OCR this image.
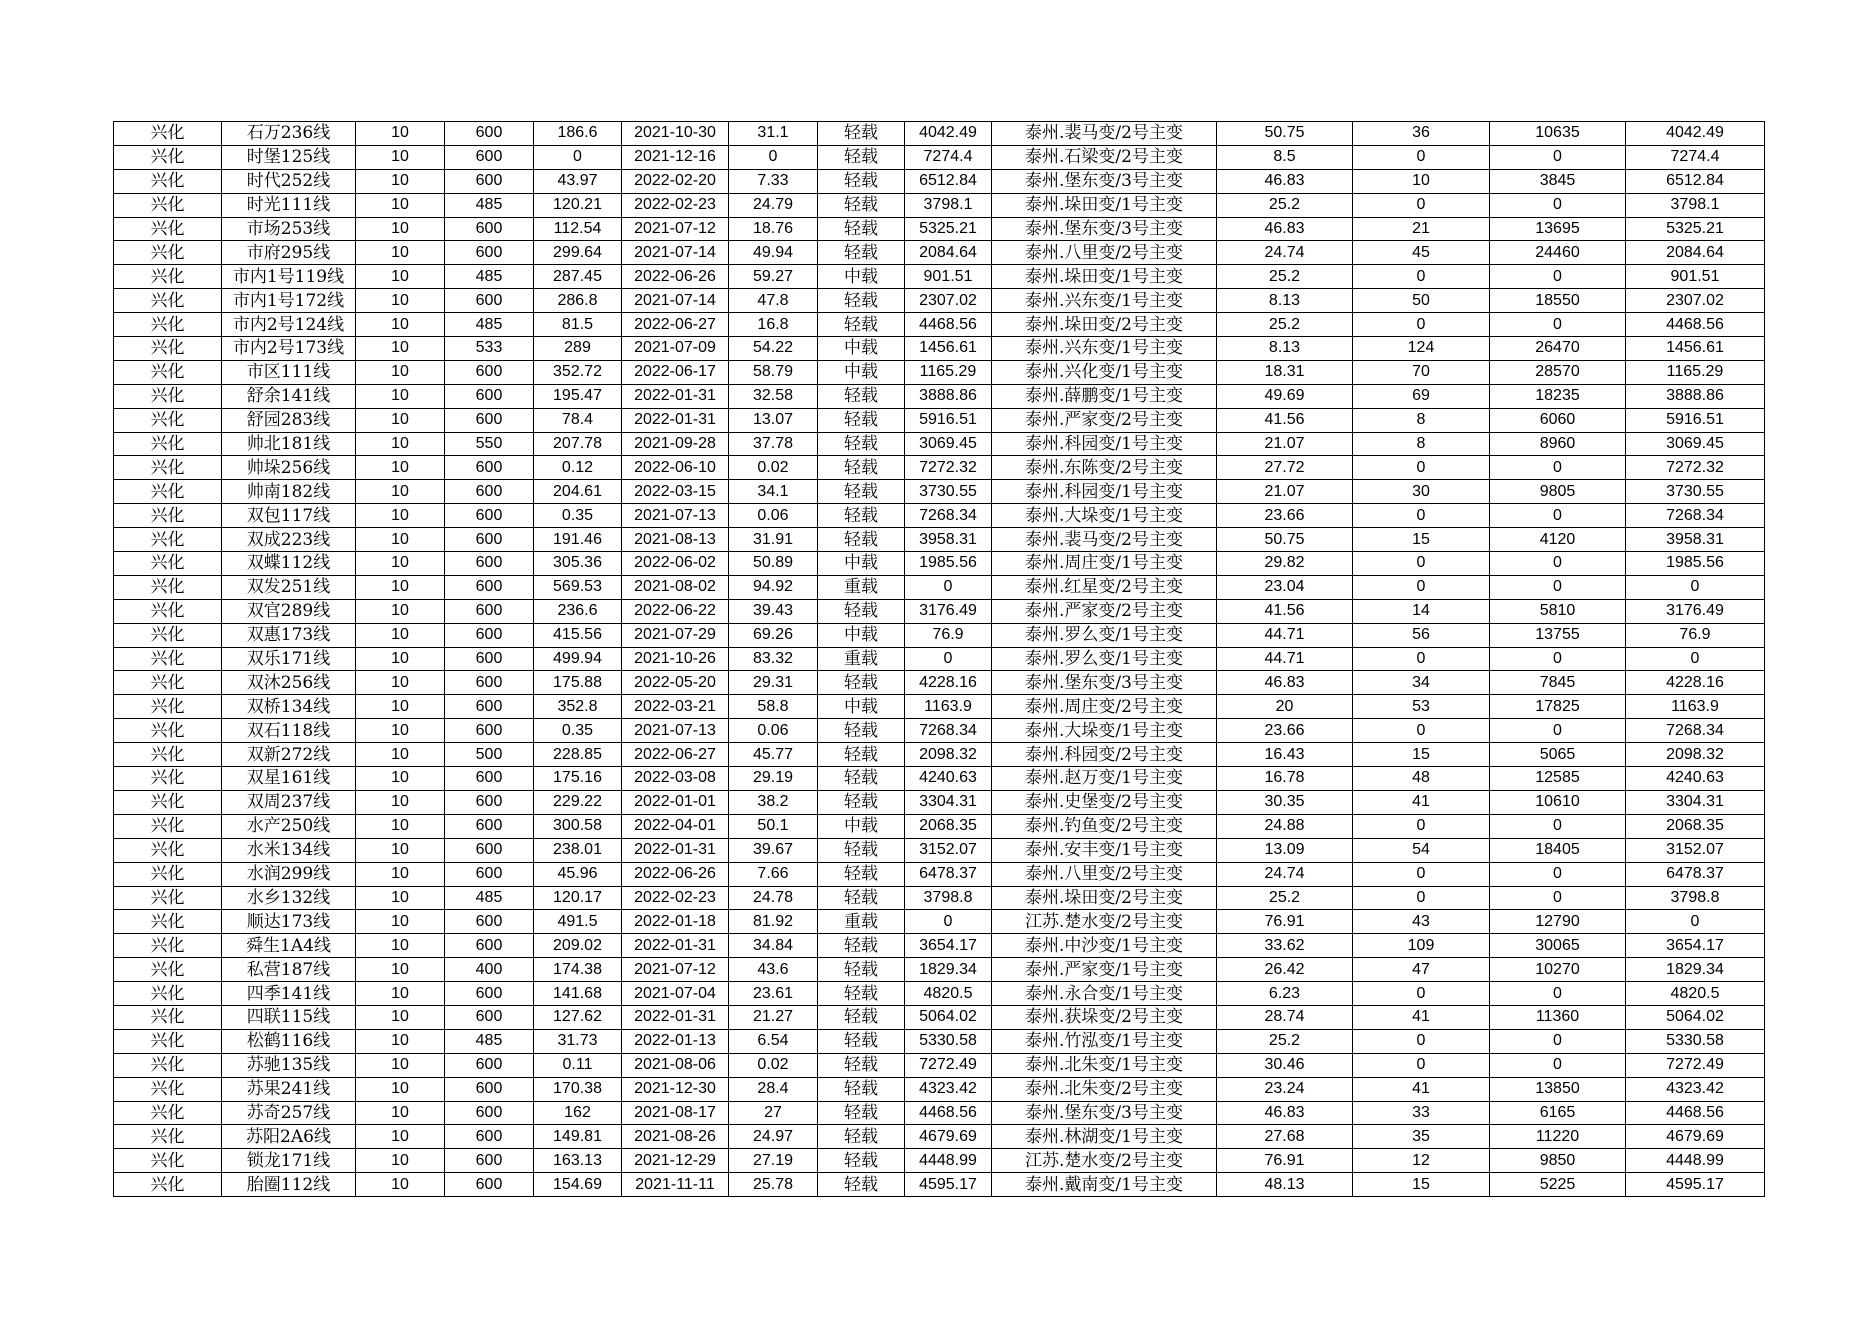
兴化	石万236线	10	600	186.6	2021-10-30	31.1	轻载	4042.49	泰州.裴马变/2号主变	50.75	36	10635	4042.49
兴化	时堡125线	10	600	0	2021-12-16	0	轻载	7274.4	泰州.石梁变/2号主变	8.5	0	0	7274.4
兴化	时代252线	10	600	43.97	2022-02-20	7.33	轻载	6512.84	泰州.堡东变/3号主变	46.83	10	3845	6512.84
兴化	时光111线	10	485	120.21	2022-02-23	24.79	轻载	3798.1	泰州.垛田变/1号主变	25.2	0	0	3798.1
兴化	市场253线	10	600	112.54	2021-07-12	18.76	轻载	5325.21	泰州.堡东变/3号主变	46.83	21	13695	5325.21
兴化	市府295线	10	600	299.64	2021-07-14	49.94	轻载	2084.64	泰州.八里变/2号主变	24.74	45	24460	2084.64
兴化	市内1号119线	10	485	287.45	2022-06-26	59.27	中载	901.51	泰州.垛田变/1号主变	25.2	0	0	901.51
兴化	市内1号172线	10	600	286.8	2021-07-14	47.8	轻载	2307.02	泰州.兴东变/1号主变	8.13	50	18550	2307.02
兴化	市内2号124线	10	485	81.5	2022-06-27	16.8	轻载	4468.56	泰州.垛田变/2号主变	25.2	0	0	4468.56
兴化	市内2号173线	10	533	289	2021-07-09	54.22	中载	1456.61	泰州.兴东变/1号主变	8.13	124	26470	1456.61
兴化	市区111线	10	600	352.72	2022-06-17	58.79	中载	1165.29	泰州.兴化变/1号主变	18.31	70	28570	1165.29
兴化	舒余141线	10	600	195.47	2022-01-31	32.58	轻载	3888.86	泰州.薛鹏变/1号主变	49.69	69	18235	3888.86
兴化	舒园283线	10	600	78.4	2022-01-31	13.07	轻载	5916.51	泰州.严家变/2号主变	41.56	8	6060	5916.51
兴化	帅北181线	10	550	207.78	2021-09-28	37.78	轻载	3069.45	泰州.科园变/1号主变	21.07	8	8960	3069.45
兴化	帅垛256线	10	600	0.12	2022-06-10	0.02	轻载	7272.32	泰州.东陈变/2号主变	27.72	0	0	7272.32
兴化	帅南182线	10	600	204.61	2022-03-15	34.1	轻载	3730.55	泰州.科园变/1号主变	21.07	30	9805	3730.55
兴化	双包117线	10	600	0.35	2021-07-13	0.06	轻载	7268.34	泰州.大垛变/1号主变	23.66	0	0	7268.34
兴化	双成223线	10	600	191.46	2021-08-13	31.91	轻载	3958.31	泰州.裴马变/2号主变	50.75	15	4120	3958.31
兴化	双蝶112线	10	600	305.36	2022-06-02	50.89	中载	1985.56	泰州.周庄变/1号主变	29.82	0	0	1985.56
兴化	双发251线	10	600	569.53	2021-08-02	94.92	重载	0	泰州.红星变/2号主变	23.04	0	0	0
兴化	双官289线	10	600	236.6	2022-06-22	39.43	轻载	3176.49	泰州.严家变/2号主变	41.56	14	5810	3176.49
兴化	双惠173线	10	600	415.56	2021-07-29	69.26	中载	76.9	泰州.罗么变/1号主变	44.71	56	13755	76.9
兴化	双乐171线	10	600	499.94	2021-10-26	83.32	重载	0	泰州.罗么变/1号主变	44.71	0	0	0
兴化	双沐256线	10	600	175.88	2022-05-20	29.31	轻载	4228.16	泰州.堡东变/3号主变	46.83	34	7845	4228.16
兴化	双桥134线	10	600	352.8	2022-03-21	58.8	中载	1163.9	泰州.周庄变/2号主变	20	53	17825	1163.9
兴化	双石118线	10	600	0.35	2021-07-13	0.06	轻载	7268.34	泰州.大垛变/1号主变	23.66	0	0	7268.34
兴化	双新272线	10	500	228.85	2022-06-27	45.77	轻载	2098.32	泰州.科园变/2号主变	16.43	15	5065	2098.32
兴化	双星161线	10	600	175.16	2022-03-08	29.19	轻载	4240.63	泰州.赵万变/1号主变	16.78	48	12585	4240.63
兴化	双周237线	10	600	229.22	2022-01-01	38.2	轻载	3304.31	泰州.史堡变/2号主变	30.35	41	10610	3304.31
兴化	水产250线	10	600	300.58	2022-04-01	50.1	中载	2068.35	泰州.钓鱼变/2号主变	24.88	0	0	2068.35
兴化	水米134线	10	600	238.01	2022-01-31	39.67	轻载	3152.07	泰州.安丰变/1号主变	13.09	54	18405	3152.07
兴化	水润299线	10	600	45.96	2022-06-26	7.66	轻载	6478.37	泰州.八里变/2号主变	24.74	0	0	6478.37
兴化	水乡132线	10	485	120.17	2022-02-23	24.78	轻载	3798.8	泰州.垛田变/2号主变	25.2	0	0	3798.8
兴化	顺达173线	10	600	491.5	2022-01-18	81.92	重载	0	江苏.楚水变/2号主变	76.91	43	12790	0
兴化	舜生1A4线	10	600	209.02	2022-01-31	34.84	轻载	3654.17	泰州.中沙变/1号主变	33.62	109	30065	3654.17
兴化	私营187线	10	400	174.38	2021-07-12	43.6	轻载	1829.34	泰州.严家变/1号主变	26.42	47	10270	1829.34
兴化	四季141线	10	600	141.68	2021-07-04	23.61	轻载	4820.5	泰州.永合变/1号主变	6.23	0	0	4820.5
兴化	四联115线	10	600	127.62	2022-01-31	21.27	轻载	5064.02	泰州.获垛变/2号主变	28.74	41	11360	5064.02
兴化	松鹤116线	10	485	31.73	2022-01-13	6.54	轻载	5330.58	泰州.竹泓变/1号主变	25.2	0	0	5330.58
兴化	苏驰135线	10	600	0.11	2021-08-06	0.02	轻载	7272.49	泰州.北朱变/1号主变	30.46	0	0	7272.49
兴化	苏果241线	10	600	170.38	2021-12-30	28.4	轻载	4323.42	泰州.北朱变/2号主变	23.24	41	13850	4323.42
兴化	苏奇257线	10	600	162	2021-08-17	27	轻载	4468.56	泰州.堡东变/3号主变	46.83	33	6165	4468.56
兴化	苏阳2A6线	10	600	149.81	2021-08-26	24.97	轻载	4679.69	泰州.林湖变/1号主变	27.68	35	11220	4679.69
兴化	锁龙171线	10	600	163.13	2021-12-29	27.19	轻载	4448.99	江苏.楚水变/2号主变	76.91	12	9850	4448.99
兴化	胎圈112线	10	600	154.69	2021-11-11	25.78	轻载	4595.17	泰州.戴南变/1号主变	48.13	15	5225	4595.17
